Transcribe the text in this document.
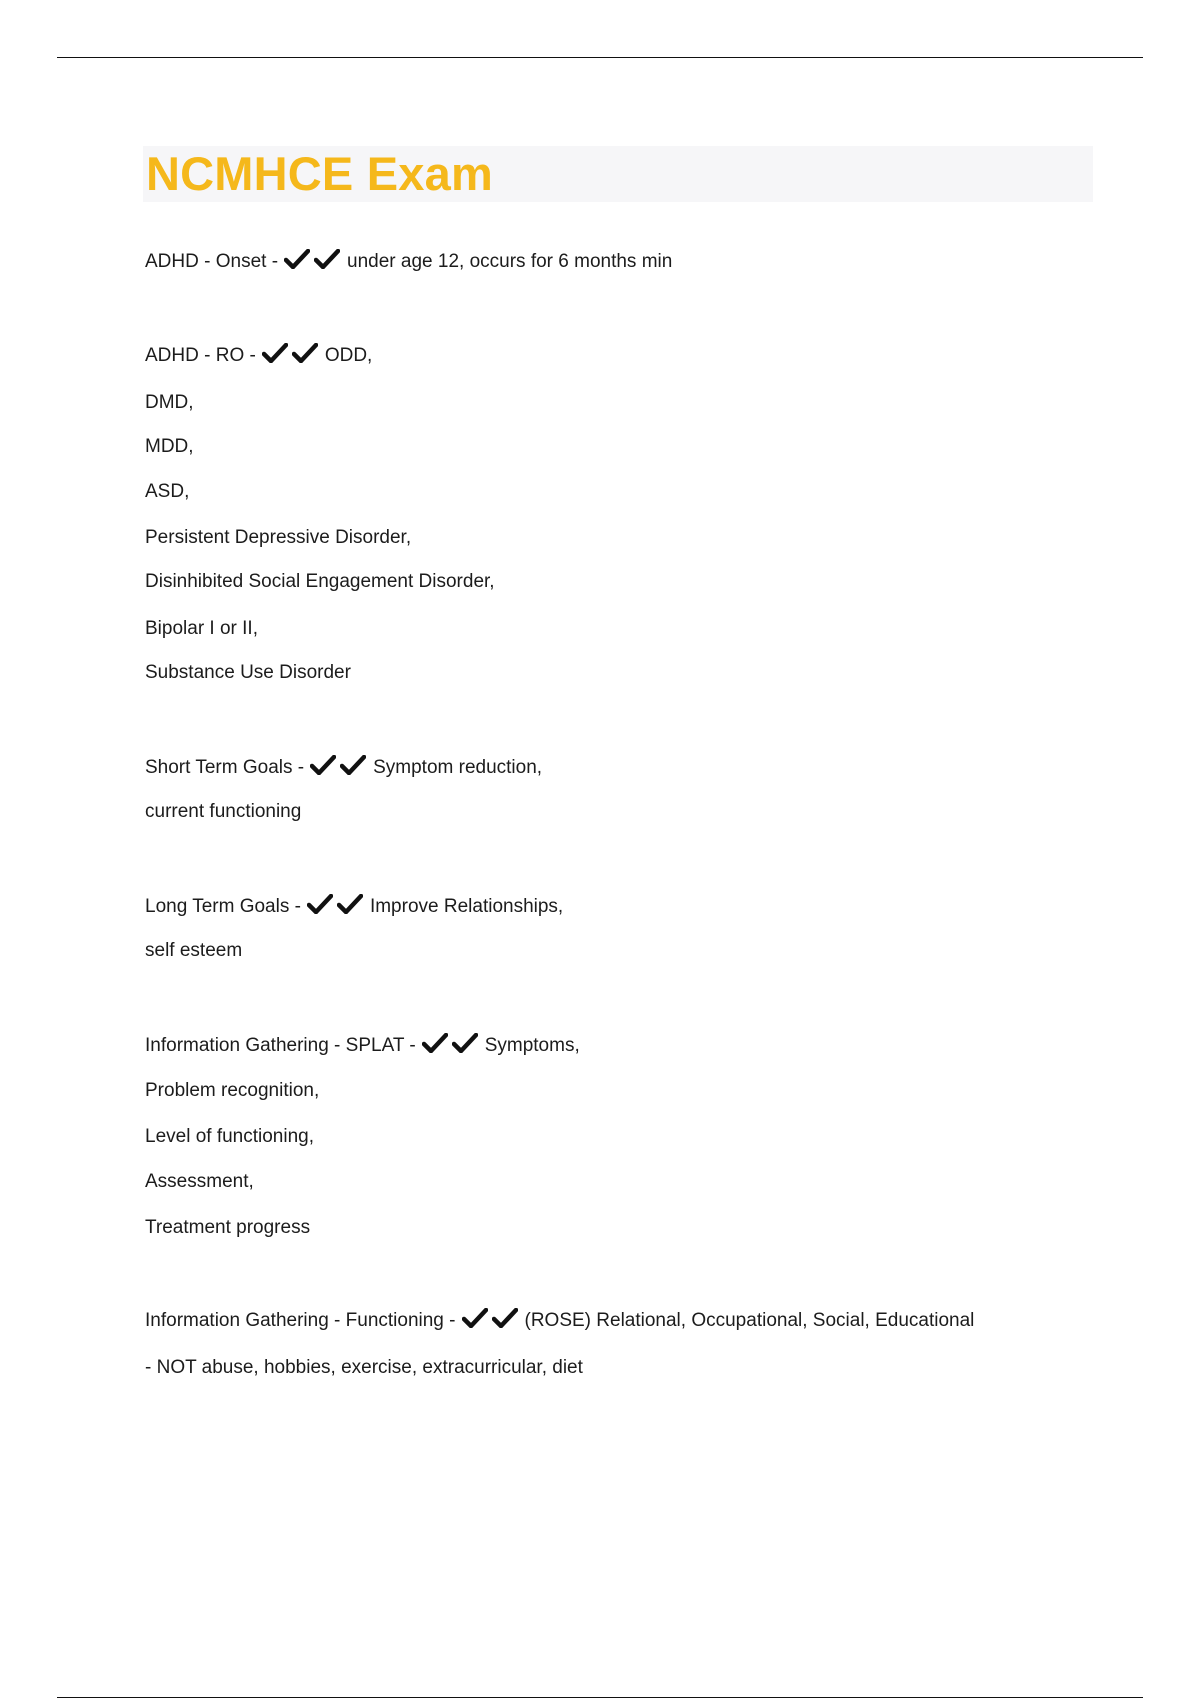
NCMHCE Exam
ADHD - Onset -	under age 12, occurs for 6 months min
ADHD - RO -	ODD,
DMD,
MDD,
ASD,
Persistent Depressive Disorder,
Disinhibited Social Engagement Disorder,
Bipolar I or II,
Substance Use Disorder
Short Term Goals -	Symptom reduction,
current functioning
Long Term Goals -	Improve Relationships,
self esteem
Information Gathering - SPLAT -	Symptoms,
Problem recognition,
Level of functioning,
Assessment,
Treatment progress
Information Gathering - Functioning -	(ROSE) Relational, Occupational, Social, Educational
- NOT abuse, hobbies, exercise, extracurricular, diet
